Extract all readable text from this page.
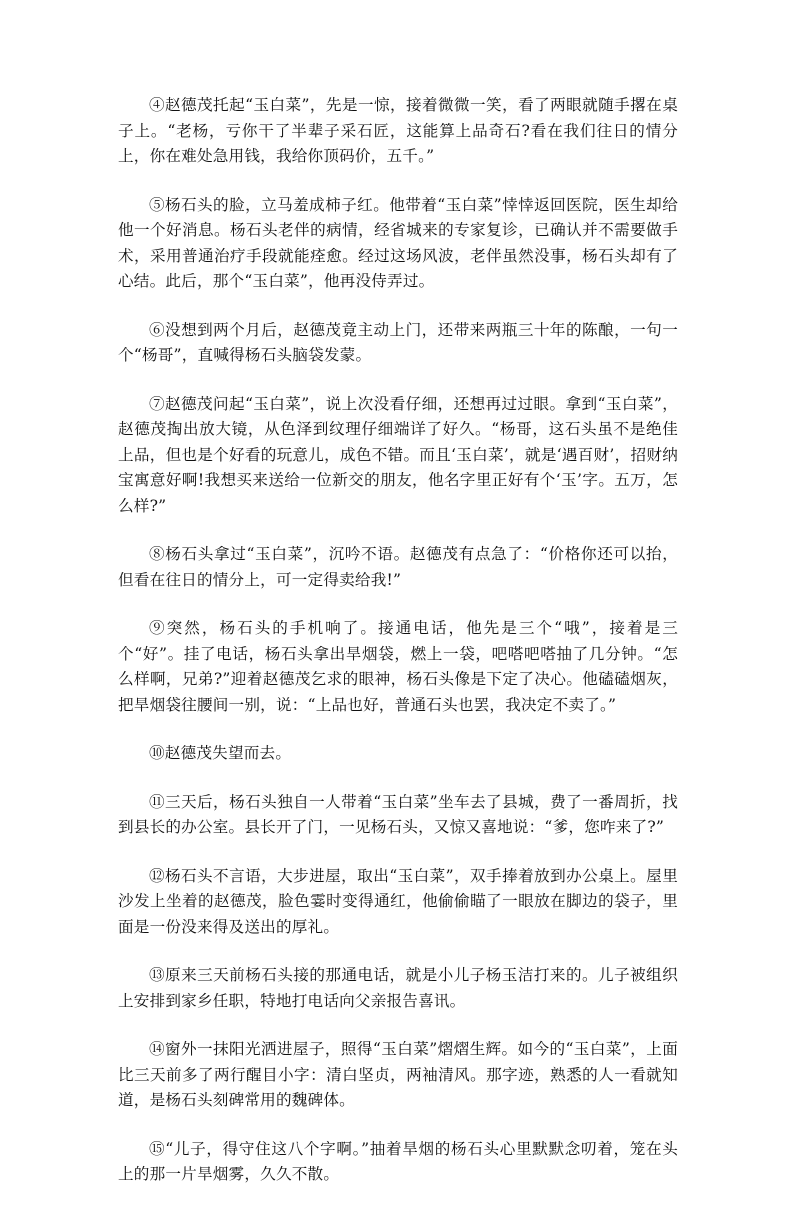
④赵德茂托起“玉白菜”，先是一惊，接着微微一笑，看了两眼就随手撂在桌子上。“老杨，亏你干了半辈子采石匠，这能算上品奇石?看在我们往日的情分上，你在难处急用钱，我给你顶码价，五千。”

⑤杨石头的脸，立马羞成柿子红。他带着“玉白菜”悻悻返回医院，医生却给他一个好消息。杨石头老伴的病情，经省城来的专家复诊，已确认并不需要做手术，采用普通治疗手段就能痊愈。经过这场风波，老伴虽然没事，杨石头却有了心结。此后，那个“玉白菜”，他再没侍弄过。

⑥没想到两个月后，赵德茂竟主动上门，还带来两瓶三十年的陈酿，一句一个“杨哥”，直喊得杨石头脑袋发蒙。

⑦赵德茂问起“玉白菜”，说上次没看仔细，还想再过过眼。拿到“玉白菜”，赵德茂掏出放大镜，从色泽到纹理仔细端详了好久。“杨哥，这石头虽不是绝佳上品，但也是个好看的玩意儿，成色不错。而且‘玉白菜’，就是‘遇百财’，招财纳宝寓意好啊!我想买来送给一位新交的朋友，他名字里正好有个‘玉’字。五万，怎么样?”

⑧杨石头拿过“玉白菜”，沉吟不语。赵德茂有点急了：“价格你还可以抬，但看在往日的情分上，可一定得卖给我!”

⑨突然，杨石头的手机响了。接通电话，他先是三个“哦”，接着是三个“好”。挂了电话，杨石头拿出旱烟袋，燃上一袋，吧嗒吧嗒抽了几分钟。“怎么样啊，兄弟?”迎着赵德茂乞求的眼神，杨石头像是下定了决心。他磕磕烟灰，把旱烟袋往腰间一别，说：“上品也好，普通石头也罢，我决定不卖了。”

⑩赵德茂失望而去。

⑪三天后，杨石头独自一人带着“玉白菜”坐车去了县城，费了一番周折，找到县长的办公室。县长开了门，一见杨石头，又惊又喜地说：“爹，您咋来了?”

⑫杨石头不言语，大步进屋，取出“玉白菜”，双手捧着放到办公桌上。屋里沙发上坐着的赵德茂，脸色霎时变得通红，他偷偷瞄了一眼放在脚边的袋子，里面是一份没来得及送出的厚礼。

⑬原来三天前杨石头接的那通电话，就是小儿子杨玉洁打来的。儿子被组织上安排到家乡任职，特地打电话向父亲报告喜讯。

⑭窗外一抹阳光洒进屋子，照得“玉白菜”熠熠生辉。如今的“玉白菜”，上面比三天前多了两行醒目小字：清白坚贞，两袖清风。那字迹，熟悉的人一看就知道，是杨石头刻碑常用的魏碑体。

⑮“儿子，得守住这八个字啊。”抽着旱烟的杨石头心里默默念叨着，笼在头上的那一片旱烟雾，久久不散。
